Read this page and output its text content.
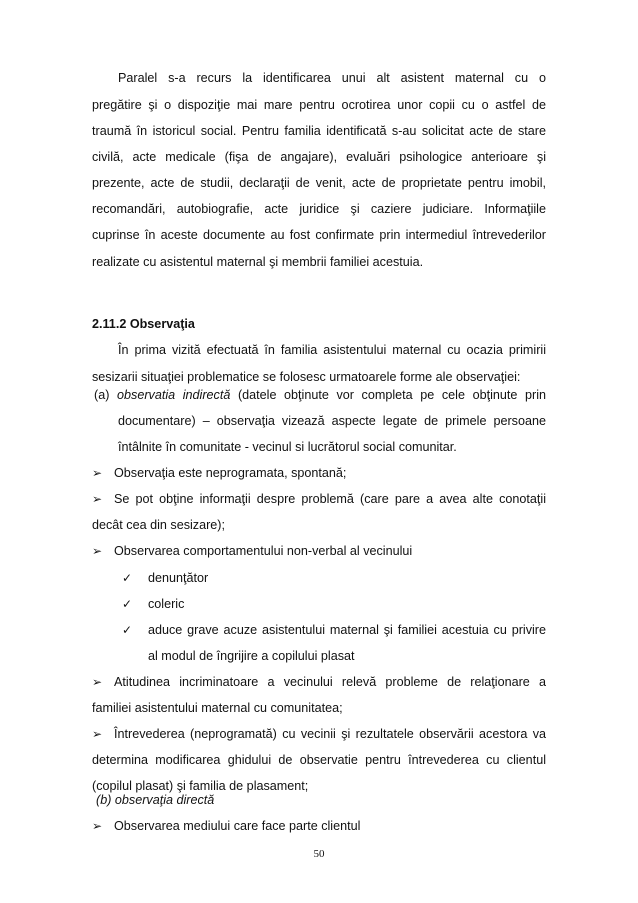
Paralel s-a recurs la identificarea unui alt asistent maternal cu o
pregătire şi o dispoziţie mai mare pentru ocrotirea unor copii cu o astfel de
traumă în istoricul social. Pentru familia identificată s-au solicitat acte de stare
civilă, acte medicale (fişa de angajare), evaluări psihologice anterioare şi
prezente, acte de studii, declaraţii de venit, acte de proprietate pentru imobil,
recomandări, autobiografie, acte juridice şi caziere judiciare. Informaţiile
cuprinse în aceste documente au fost confirmate prin intermediul întrevederilor
realizate cu asistentul maternal şi membrii familiei acestuia.
2.11.2 Observaţia
În prima vizită efectuată în familia asistentului maternal cu ocazia primirii
sesizarii situaţiei problematice se folosesc urmatoarele forme ale observaţiei:
(a) observatia indirectă (datele obţinute vor completa pe cele obţinute prin
documentare) – observaţia vizează aspecte legate de primele persoane
întâlnite în comunitate - vecinul si lucrătorul social comunitar.
➢ Observaţia este neprogramata, spontană;
➢ Se pot obţine informaţii despre problemă (care pare a avea alte conotaţii
decât cea din sesizare);
➢ Observarea comportamentului non-verbal al vecinului
✓ denunţător
✓ coleric
✓ aduce grave acuze asistentului maternal şi familiei acestuia cu privire
al modul de îngrijire a copilului plasat
➢ Atitudinea incriminatoare a vecinului relevă probleme de relaţionare a
familiei asistentului maternal cu comunitatea;
➢ Întrevederea (neprogramată) cu vecinii şi rezultatele observării acestora va
determina modificarea ghidului de observatie pentru întrevederea cu clientul
(copilul plasat) şi familia de plasament;
(b) observaţia directă
➢ Observarea mediului care face parte clientul
50
